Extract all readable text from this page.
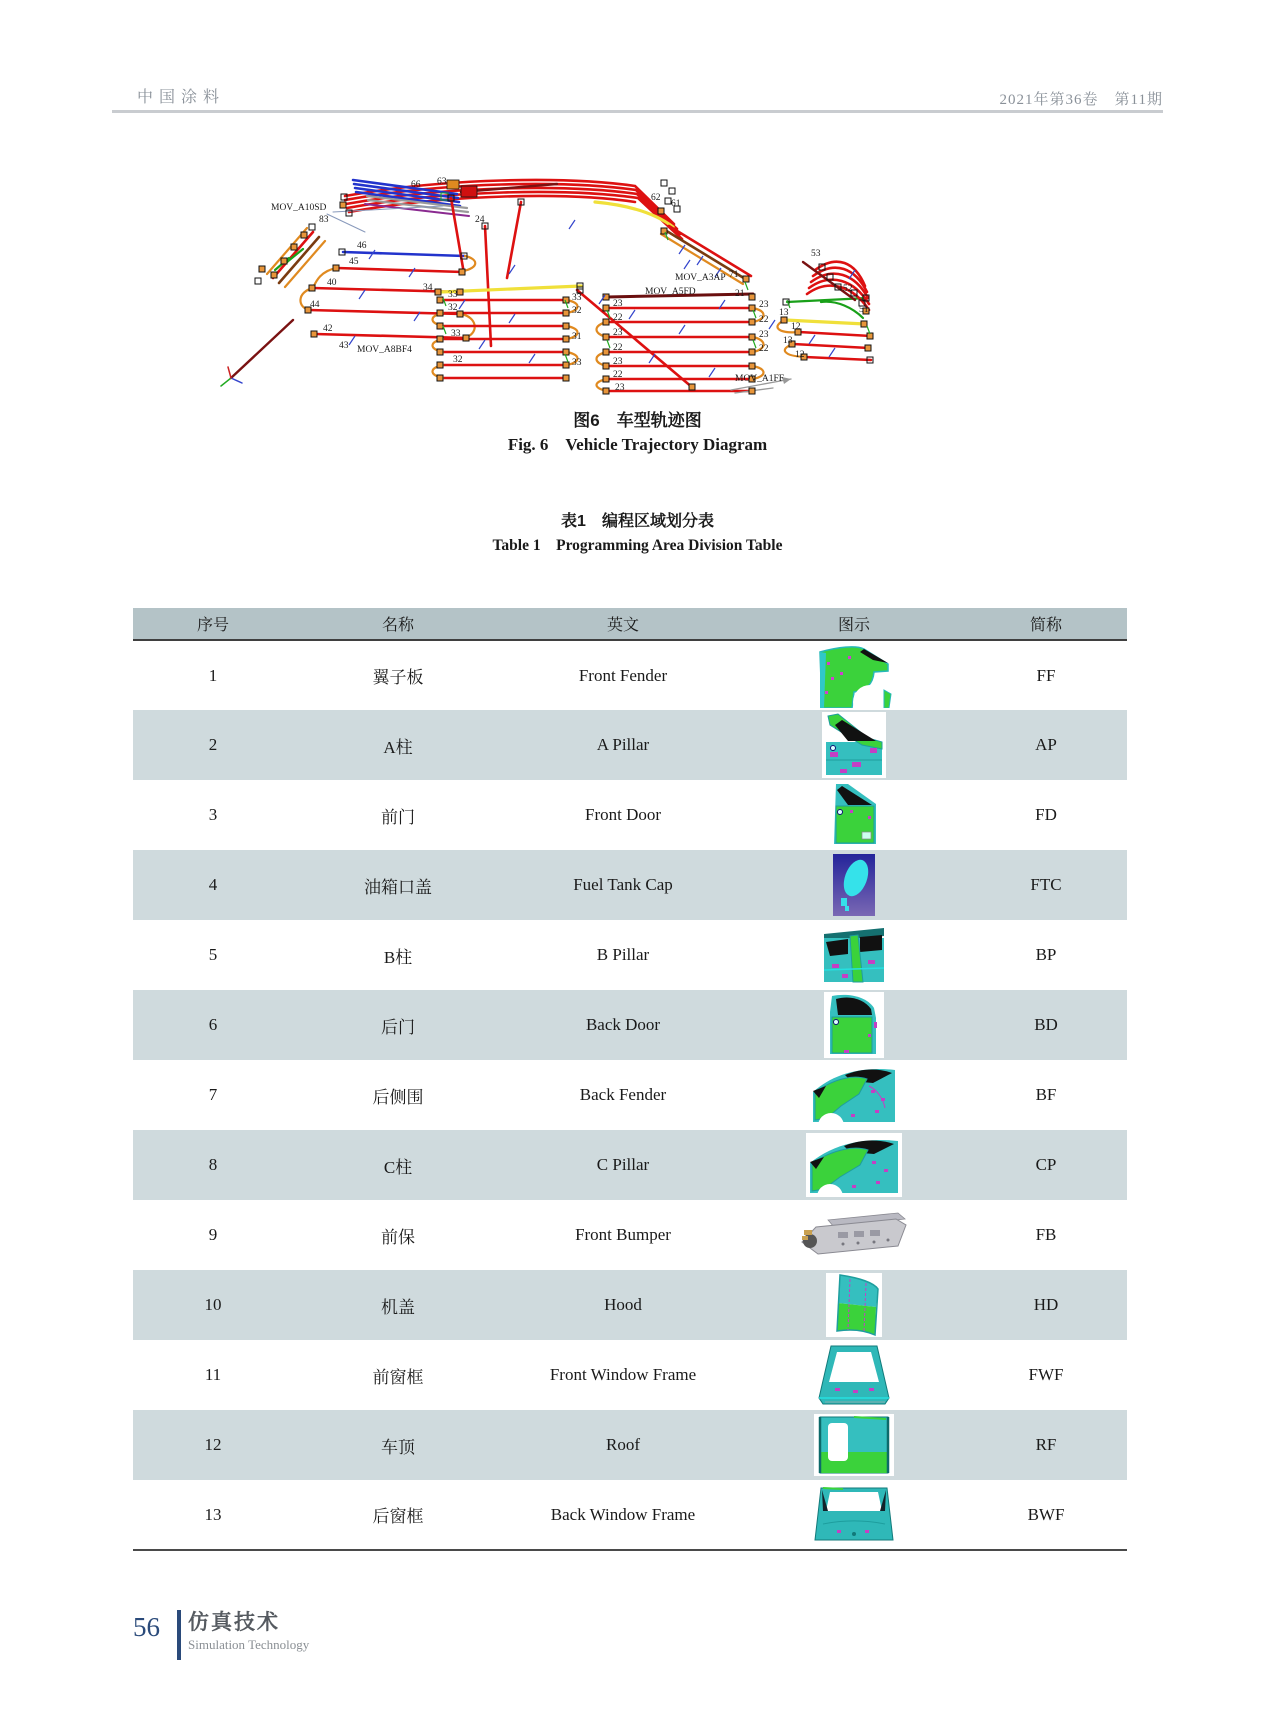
中国涂料	2021年第36卷　第11期
MOV_A10SD
83
66 63
24
62
61
46
45
40
44
42
43 MOV_A8BF4
34
33
32
33
32
33
32
31
33
23
22
23
22
23
22
23
23
22
23
22
MOV_A5FD	21
MOV_A3AP 71
53
52
51
13
12
13
12
MOV_A1FF
图6　车型轨迹图
Fig. 6　Vehicle Trajectory Diagram
表1　编程区域划分表
Table 1　Programming Area Division Table
序号	名称	英文	图示	简称
1	翼子板	Front Fender		FF
2	A柱	A Pillar		AP
3	前门	Front Door		FD
4	油箱口盖	Fuel Tank Cap		FTC
5	B柱	B Pillar		BP
6	后门	Back Door		BD
7	后侧围	Back Fender		BF
8	C柱	C Pillar		CP
9	前保	Front Bumper		FB
10	机盖	Hood		HD
11	前窗框	Front Window Frame		FWF
12	车顶	Roof		RF
13	后窗框	Back Window Frame		BWF
56 仿真技术
Simulation Technology
